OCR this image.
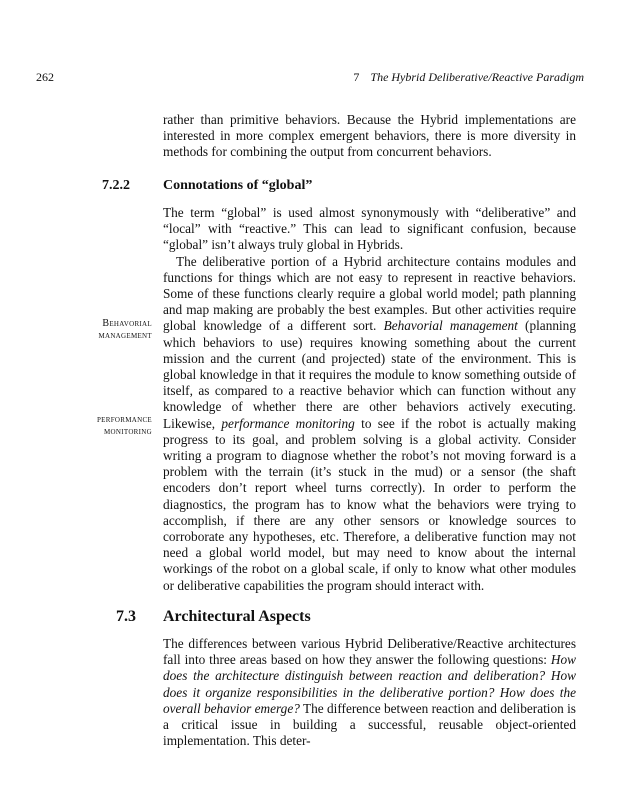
262	7 The Hybrid Deliberative/Reactive Paradigm

rather than primitive behaviors. Because the Hybrid implementations are interested in more complex emergent behaviors, there is more diversity in methods for combining the output from concurrent behaviors.

7.2.2 Connotations of “global”

The term “global” is used almost synonymously with “deliberative” and “local” with “reactive.” This can lead to significant confusion, because “global” isn’t always truly global in Hybrids.

The deliberative portion of a Hybrid architecture contains modules and functions for things which are not easy to represent in reactive behaviors. Some of these functions clearly require a global world model; path planning and map making are probably the best examples. But other activities require global knowledge of a different sort. Behavorial management (planning which behaviors to use) requires knowing something about the current mission and the current (and projected) state of the environment. This is global knowledge in that it requires the module to know something outside of itself, as compared to a reactive behavior which can function without any knowledge of whether there are other behaviors actively executing. Likewise, performance monitoring to see if the robot is actually making progress to its goal, and problem solving is a global activity. Consider writing a program to diagnose whether the robot’s not moving forward is a problem with the terrain (it’s stuck in the mud) or a sensor (the shaft encoders don’t report wheel turns correctly). In order to perform the diagnostics, the program has to know what the behaviors were trying to accomplish, if there are any other sensors or knowledge sources to corroborate any hypotheses, etc. Therefore, a deliberative function may not need a global world model, but may need to know about the internal workings of the robot on a global scale, if only to know what other modules or deliberative capabilities the program should interact with.

Behavorial
management
performance
monitoring
7.3 Architectural Aspects

The differences between various Hybrid Deliberative/Reactive architectures fall into three areas based on how they answer the following questions: How does the architecture distinguish between reaction and deliberation? How does it organize responsibilities in the deliberative portion? How does the overall behavior emerge? The difference between reaction and deliberation is a critical issue in building a successful, reusable object-oriented implementation. This deter-
